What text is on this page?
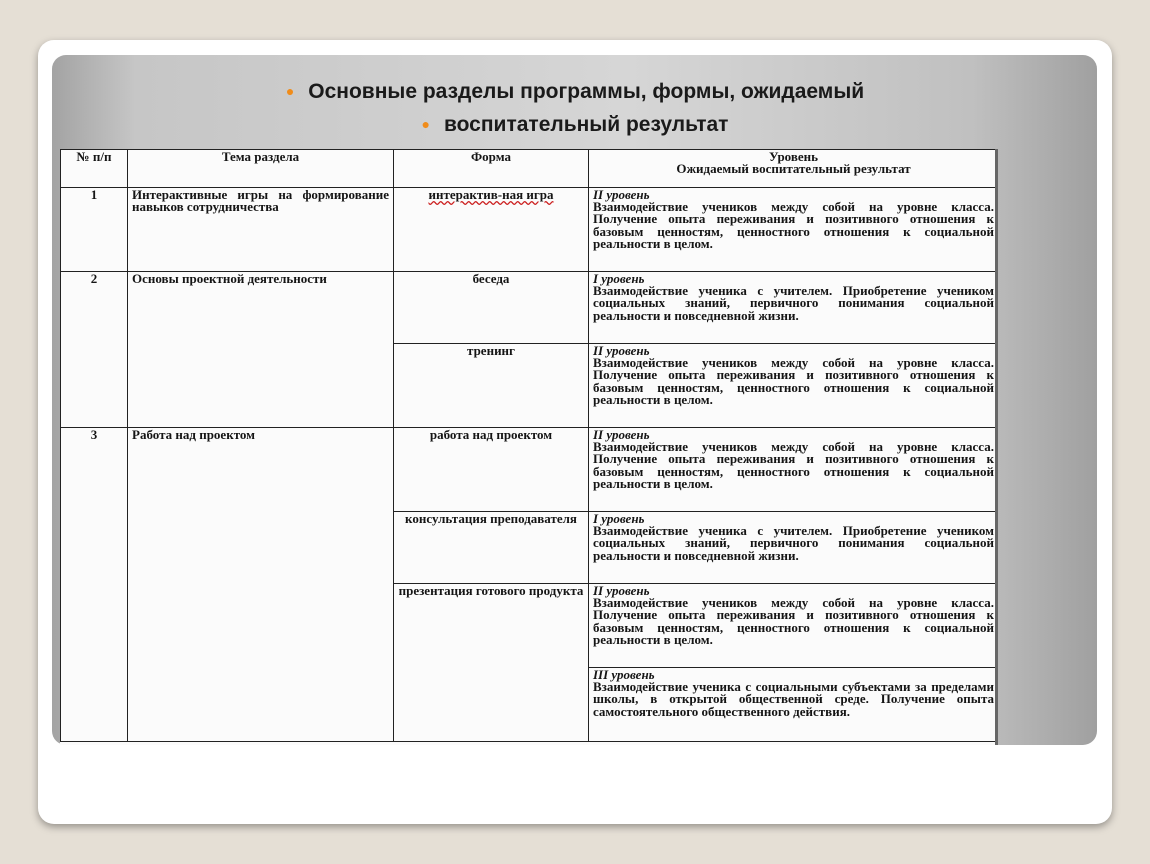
● Основные разделы программы, формы, ожидаемый
● воспитательный результат
№ п/п	Тема раздела	Форма	Уровень
Ожидаемый воспитательный результат

1	Интерактивные игры на формирование навыков сотрудничества	интерактив-ная игра	II уровень
Взаимодействие учеников между собой на уровне класса. Получение опыта переживания и позитивного отношения к базовым ценностям, ценностного отношения к социальной реальности в целом.
2	Основы проектной деятельности	беседа	I уровень
Взаимодействие ученика с учителем. Приобретение учеником социальных знаний, первичного понимания социальной реальности и повседневной жизни.
		тренинг	II уровень
Взаимодействие учеников между собой на уровне класса. Получение опыта переживания и позитивного отношения к базовым ценностям, ценностного отношения к социальной реальности в целом.
3	Работа над проектом	работа над проектом	II уровень
Взаимодействие учеников между собой на уровне класса. Получение опыта переживания и позитивного отношения к базовым ценностям, ценностного отношения к социальной реальности в целом.
		консультация преподавателя	I уровень
Взаимодействие ученика с учителем. Приобретение учеником социальных знаний, первичного понимания социальной реальности и повседневной жизни.
		презентация готового продукта	II уровень
Взаимодействие учеников между собой на уровне класса. Получение опыта переживания и позитивного отношения к базовым ценностям, ценностного отношения к социальной реальности в целом.

			III уровень
Взаимодействие ученика с социальными субъектами за пределами школы, в открытой общественной среде. Получение опыта самостоятельного общественного действия.
